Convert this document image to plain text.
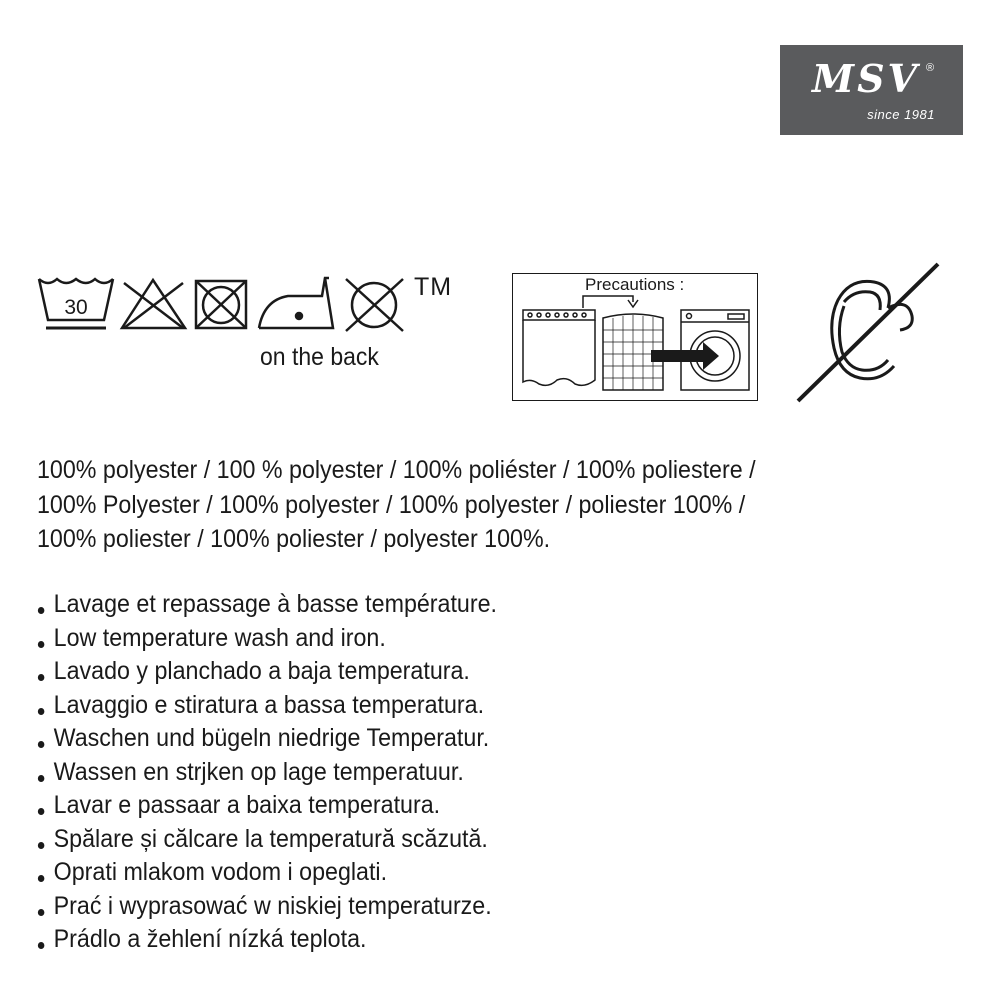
MSV ®
since 1981
30
TM
on the back
Precautions :
100% polyester / 100 % polyester / 100% poliéster / 100% poliestere /
100% Polyester / 100% polyester / 100% polyester / poliester 100% /
100% poliester / 100% poliester / polyester 100%.
Lavage et repassage à basse température.
Low temperature wash and iron.
Lavado y planchado a baja temperatura.
Lavaggio e stiratura a bassa temperatura.
Waschen und bügeln niedrige Temperatur.
Wassen en strjken op lage temperatuur.
Lavar e passaar a baixa temperatura.
Spălare și călcare la temperatură scăzută.
Oprati mlakom vodom i opeglati.
Prać i wyprasować w niskiej temperaturze.
Prádlo a žehlení nízká teplota.
